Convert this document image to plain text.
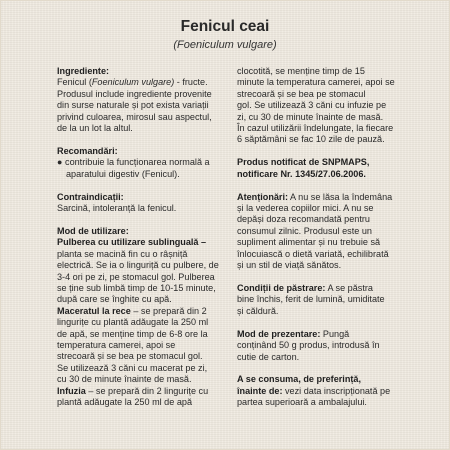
Fenicul ceai
(Foeniculum vulgare)
Ingrediente:
Fenicul (Foeniculum vulgare) - fructe.
Produsul include ingrediente provenite
din surse naturale și pot exista variații
privind culoarea, mirosul sau aspectul,
de la un lot la altul.
Recomandări:
● contribuie la funcționarea normală a
aparatului digestiv (Fenicul).
Contraindicații:
Sarcină, intoleranță la fenicul.
Mod de utilizare:
Pulberea cu utilizare sublinguală –
planta se macină fin cu o râșniță
electrică. Se ia o linguriță cu pulbere, de
3-4 ori pe zi, pe stomacul gol. Pulberea
se ține sub limbă timp de 10-15 minute,
după care se înghite cu apă.
Maceratul la rece – se prepară din 2
lingurițe cu plantă adăugate la 250 ml
de apă, se menține timp de 6-8 ore la
temperatura camerei, apoi se
strecoară și se bea pe stomacul gol.
Se utilizează 3 căni cu macerat pe zi,
cu 30 de minute înainte de masă.
Infuzia – se prepară din 2 lingurițe cu
plantă adăugate la 250 ml de apă
clocotită, se menține timp de 15
minute la temperatura camerei, apoi se
strecoară și se bea pe stomacul
gol. Se utilizează 3 căni cu infuzie pe
zi, cu 30 de minute înainte de masă.
În cazul utilizării îndelungate, la fiecare
6 săptămâni se fac 10 zile de pauză.
Produs notificat de SNPMAPS,
notificare Nr. 1345/27.06.2006.
Atenționări: A nu se lăsa la îndemâna
și la vederea copiilor mici. A nu se
depăși doza recomandată pentru
consumul zilnic. Produsul este un
supliment alimentar și nu trebuie să
înlocuiască o dietă variată, echilibrată
și un stil de viață sănătos.
Condiții de păstrare: A se păstra
bine închis, ferit de lumină, umiditate
și căldură.
Mod de prezentare: Pungă
conținând 50 g produs, introdusă în
cutie de carton.
A se consuma, de preferință,
înainte de: vezi data inscripționată pe
partea superioară a ambalajului.
